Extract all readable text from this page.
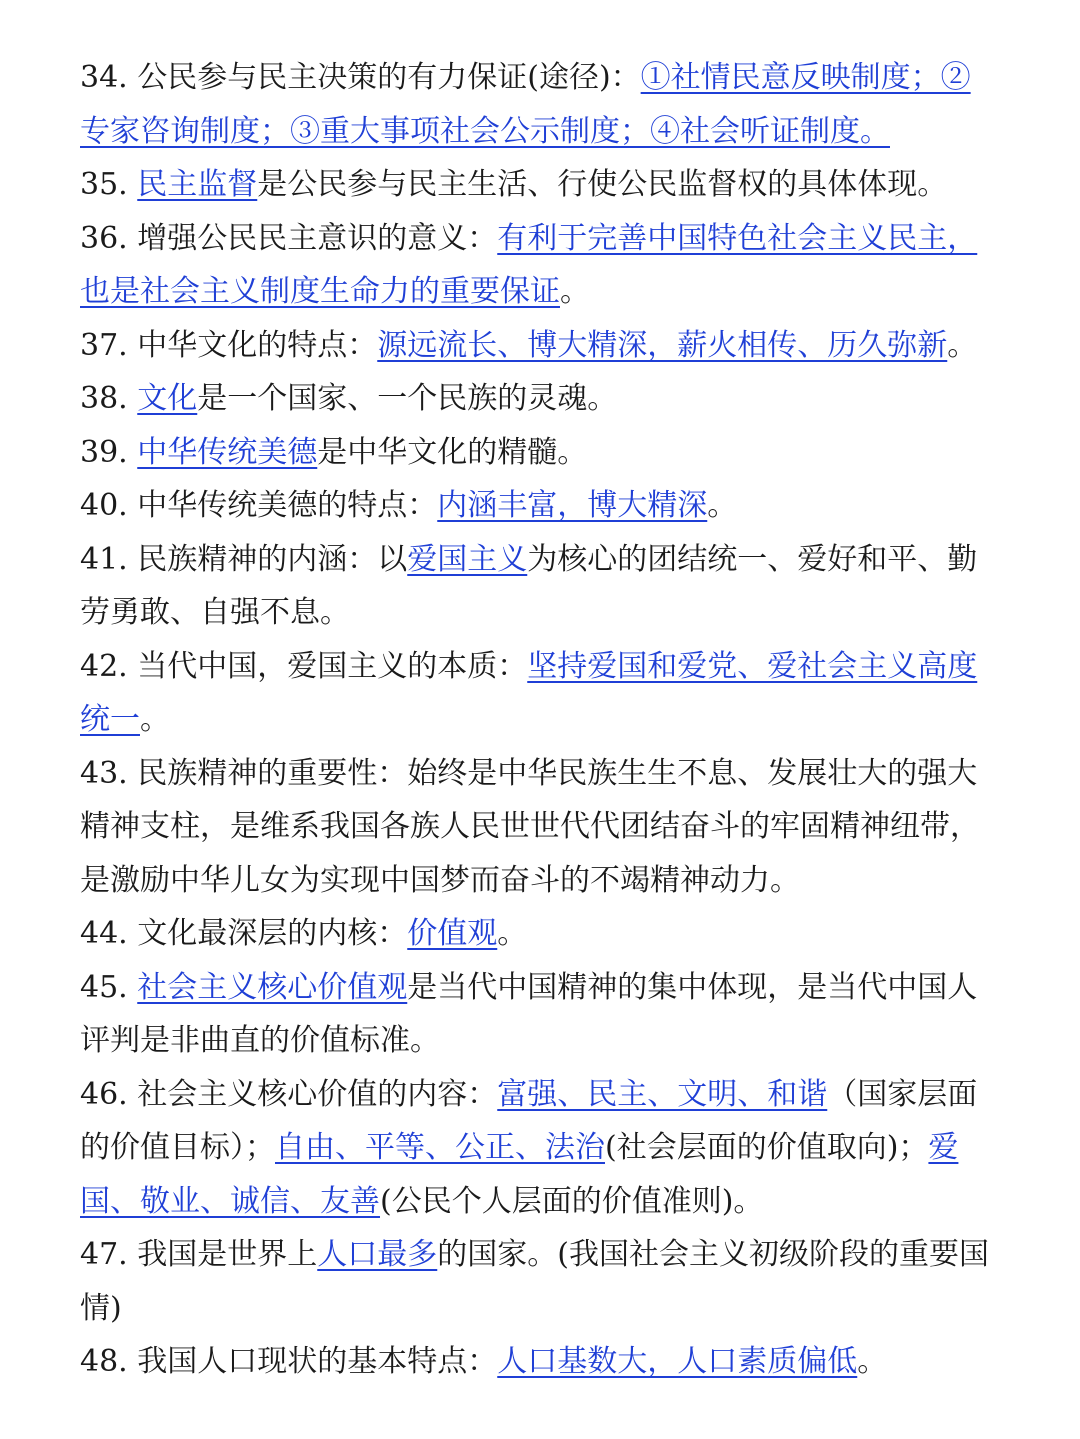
34. 公民参与民主决策的有力保证(途径)：①社情民意反映制度；②专家咨询制度；③重大事项社会公示制度；④社会听证制度。

35. 民主监督是公民参与民主生活、行使公民监督权的具体体现。

36. 增强公民民主意识的意义：有利于完善中国特色社会主义民主，也是社会主义制度生命力的重要保证。

37. 中华文化的特点：源远流长、博大精深，薪火相传、历久弥新。

38. 文化是一个国家、一个民族的灵魂。

39. 中华传统美德是中华文化的精髓。

40. 中华传统美德的特点：内涵丰富，博大精深。

41. 民族精神的内涵：以爱国主义为核心的团结统一、爱好和平、勤劳勇敢、自强不息。

42. 当代中国，爱国主义的本质：坚持爱国和爱党、爱社会主义高度统一。

43. 民族精神的重要性：始终是中华民族生生不息、发展壮大的强大精神支柱，是维系我国各族人民世世代代团结奋斗的牢固精神纽带，是激励中华儿女为实现中国梦而奋斗的不竭精神动力。

44. 文化最深层的内核：价值观。

45. 社会主义核心价值观是当代中国精神的集中体现，是当代中国人评判是非曲直的价值标准。

46. 社会主义核心价值的内容：富强、民主、文明、和谐（国家层面的价值目标）；自由、平等、公正、法治(社会层面的价值取向)；爱国、敬业、诚信、友善(公民个人层面的价值准则)。

47. 我国是世界上人口最多的国家。(我国社会主义初级阶段的重要国情)

48. 我国人口现状的基本特点：人口基数大，人口素质偏低。
